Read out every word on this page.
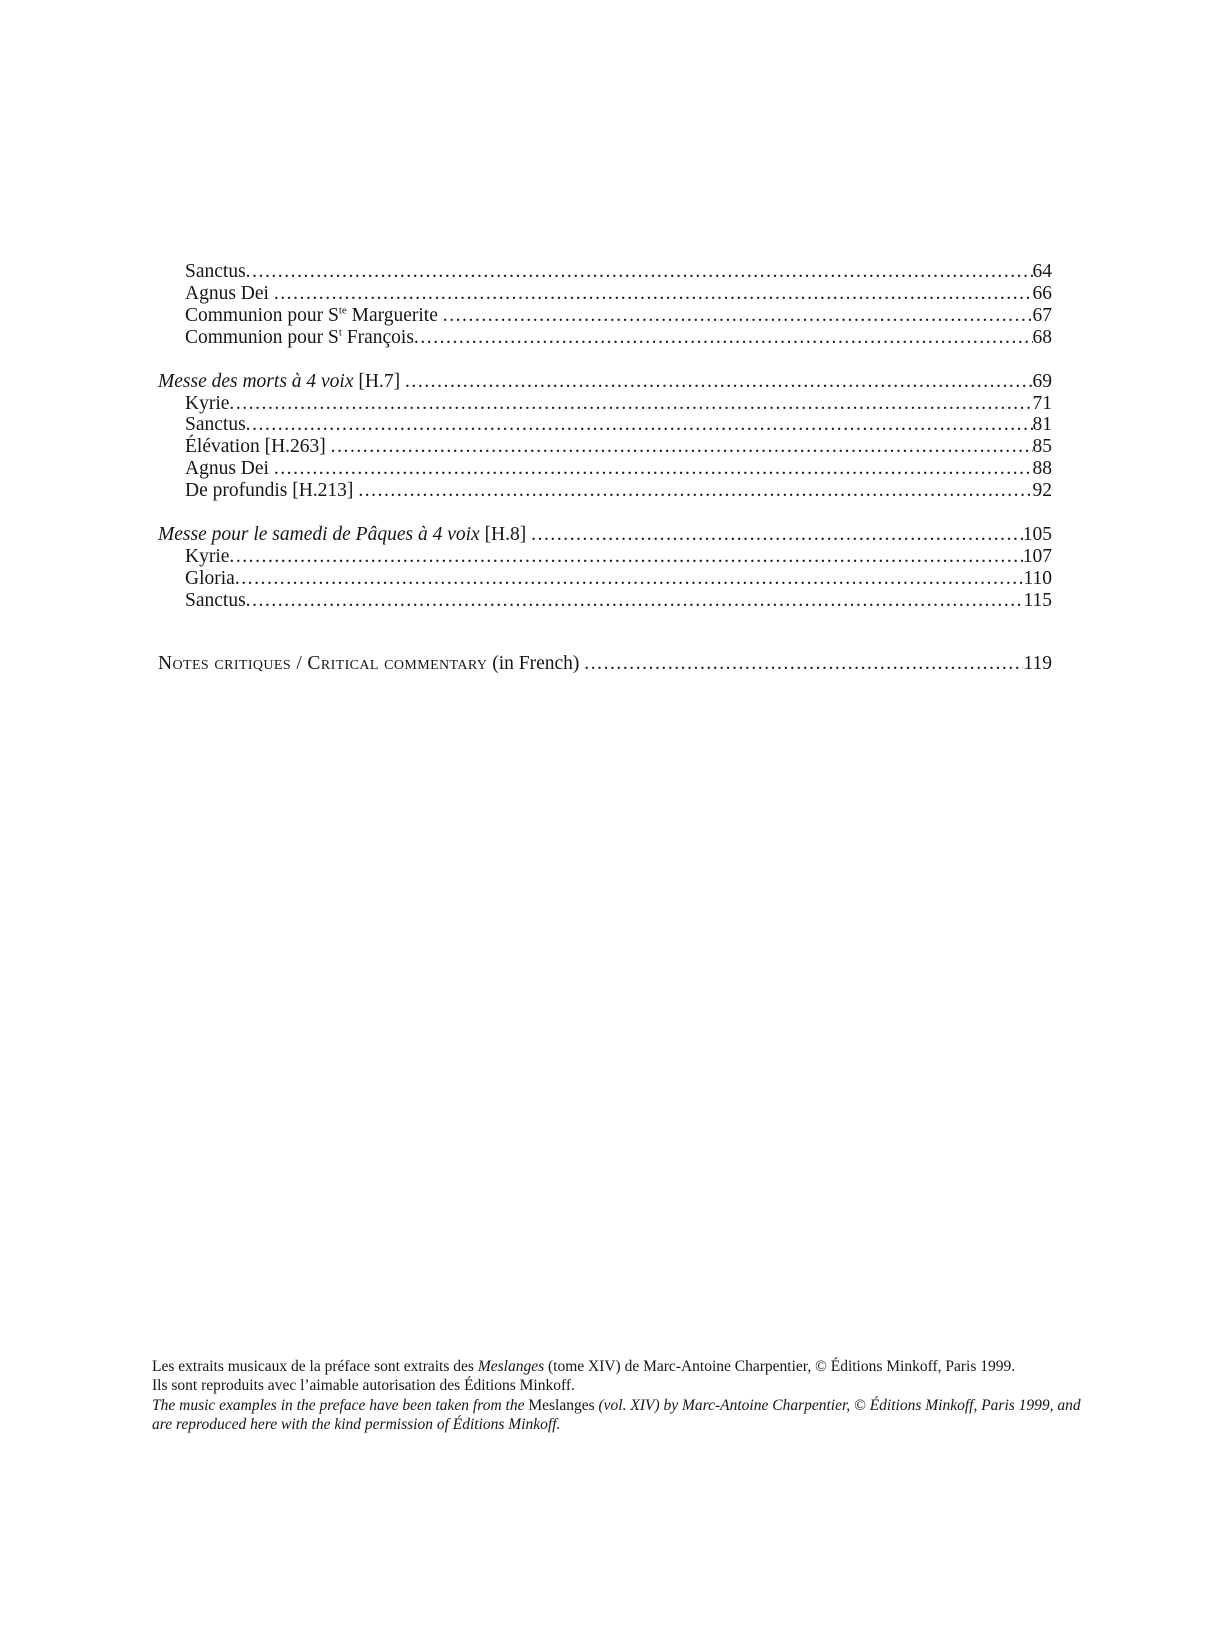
Sanctus .....	64
Agnus Dei .....	66
Communion pour $S^{te}$ Marguerite .....	67
Communion pour $S^t$ François .....	68
Messe des morts à 4 voix [H.7] .....	69
Kyrie .....	71
Sanctus .....	81
Élévation [H.263] .....	85
Agnus Dei .....	88
De profundis [H.213] .....	92
Messe pour le samedi de Pâques à 4 voix [H.8] .....	105
Kyrie .....	107
Gloria .....	110
Sanctus .....	115
Notes critiques / Critical commentary (in French) .....	119
Les extraits musicaux de la préface sont extraits des Meslanges (tome XIV) de Marc-Antoine Charpentier, © Éditions Minkoff, Paris 1999.
Ils sont reproduits avec l’aimable autorisation des Éditions Minkoff.
The music examples in the preface have been taken from the Meslanges (vol. XIV) by Marc-Antoine Charpentier, © Éditions Minkoff, Paris 1999, and
are reproduced here with the kind permission of Éditions Minkoff.
